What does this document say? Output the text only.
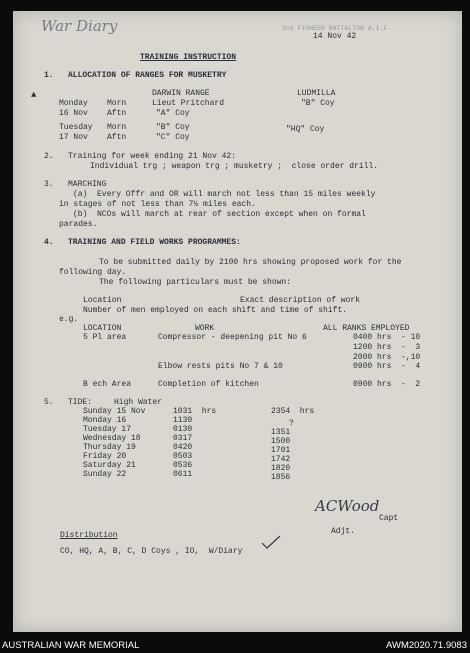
War Diary	2nd PIONEER BATTALION A.I.F.
14 Nov 42
TRAINING INSTRUCTION
1.   ALLOCATION OF RANGES FOR MUSKETRY
▲	DARWIN RANGE	LUDMILLA
Monday Morn	Lieut Pritchard	"B" Coy
16 Nov Aftn	"A" Coy
Tuesday Morn	"B" Coy	"HQ" Coy
17 Nov Aftn	"C" Coy
2.   Training for week ending 21 Nov 42:
Individual trg ; weapon trg ; musketry ;  close order drill.
3.   MARCHING
(a)  Every Offr and OR will march not less than 15 miles weekly
in stages of not less than 7½ miles each.
(b)  NCOs will march at rear of section except when on formal
parades.
4.   TRAINING AND FIELD WORKS PROGRAMMES:
To be submitted daily by 2100 hrs showing proposed work for the
following day.
The following particulars must be shown:
Location	Exact description of work
Number of men employed on each shift and time of shift.
e.g.
LOCATION	WORK	ALL RANKS EMPLOYED
5 Pl area	Compressor - deepening pit No 6	0400 hrs  - 10
1200 hrs  -  3
2000 hrs  -,10
Elbow rests pits No 7 & 10	0900 hrs  -  4
B ech Area	Completion of kitchen	0900 hrs  -  2
5.   TIDE:	High Water
Sunday 15 Nov	1031  hrs	2354  hrs
Monday 16	1130	?
Tuesday 17	0130	1351
Wednesday 18	0317	1500
Thursday 19	0420	1701
Friday 20	0503	1742
Saturday 21	0536	1820
Sunday 22	0611	1856
ACWood
Capt
Adjt.
Distribution
CO, HQ, A, B, C, D Coys , IO,  W/Diary
AUSTRALIAN WAR MEMORIAL	AWM2020.71.9083
